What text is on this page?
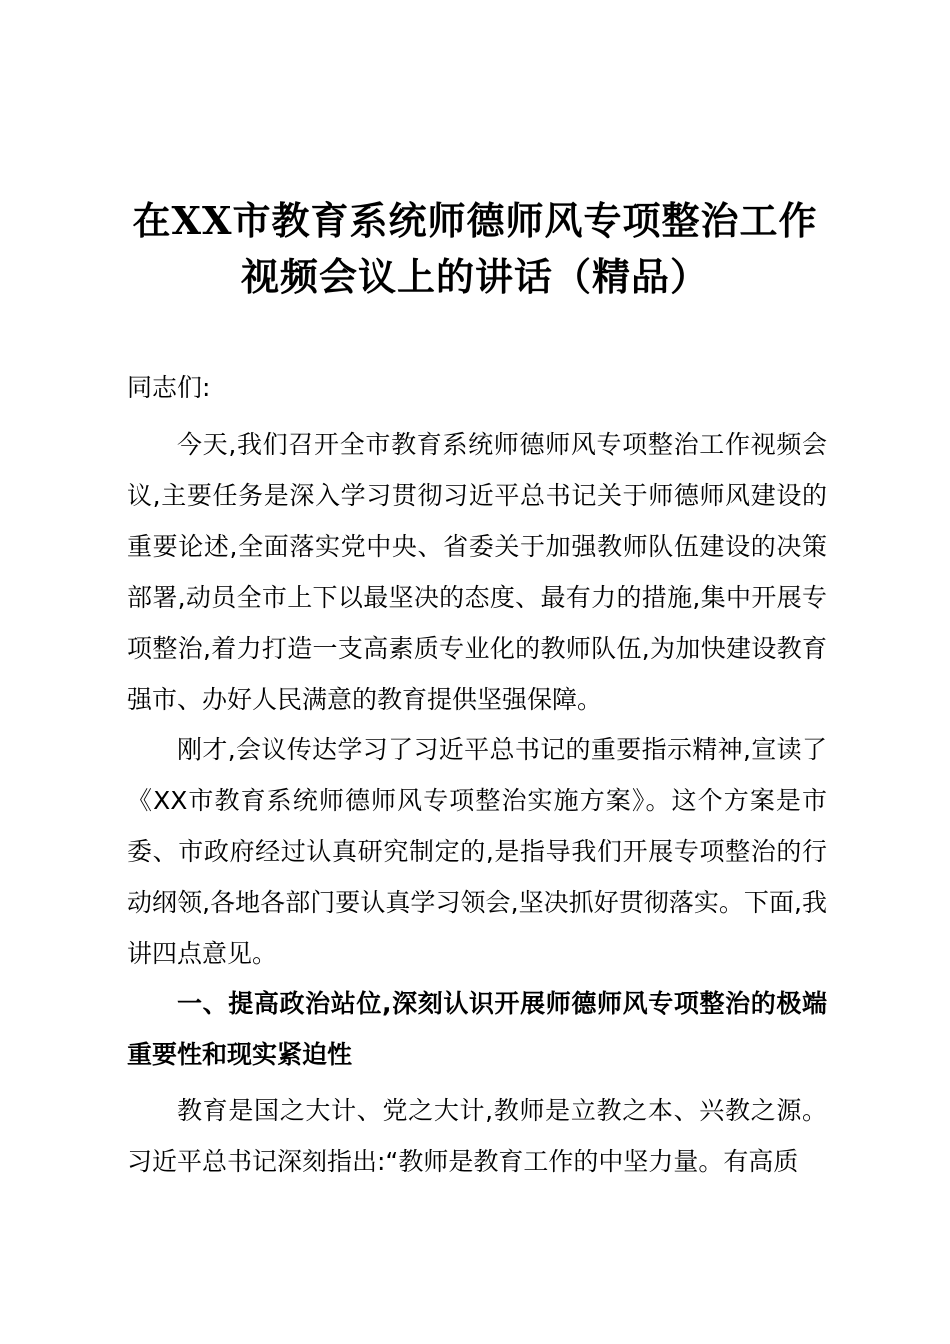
在XX市教育系统师德师风专项整治工作
视频会议上的讲话（精品）

同志们:

今天,我们召开全市教育系统师德师风专项整治工作视频会议,主要任务是深入学习贯彻习近平总书记关于师德师风建设的重要论述,全面落实党中央、省委关于加强教师队伍建设的决策部署,动员全市上下以最坚决的态度、最有力的措施,集中开展专项整治,着力打造一支高素质专业化的教师队伍,为加快建设教育强市、办好人民满意的教育提供坚强保障。

刚才,会议传达学习了习近平总书记的重要指示精神,宣读了《XX市教育系统师德师风专项整治实施方案》。这个方案是市委、市政府经过认真研究制定的,是指导我们开展专项整治的行动纲领,各地各部门要认真学习领会,坚决抓好贯彻落实。下面,我讲四点意见。

一、提高政治站位,深刻认识开展师德师风专项整治的极端重要性和现实紧迫性

教育是国之大计、党之大计,教师是立教之本、兴教之源。习近平总书记深刻指出:“教师是教育工作的中坚力量。有高质
